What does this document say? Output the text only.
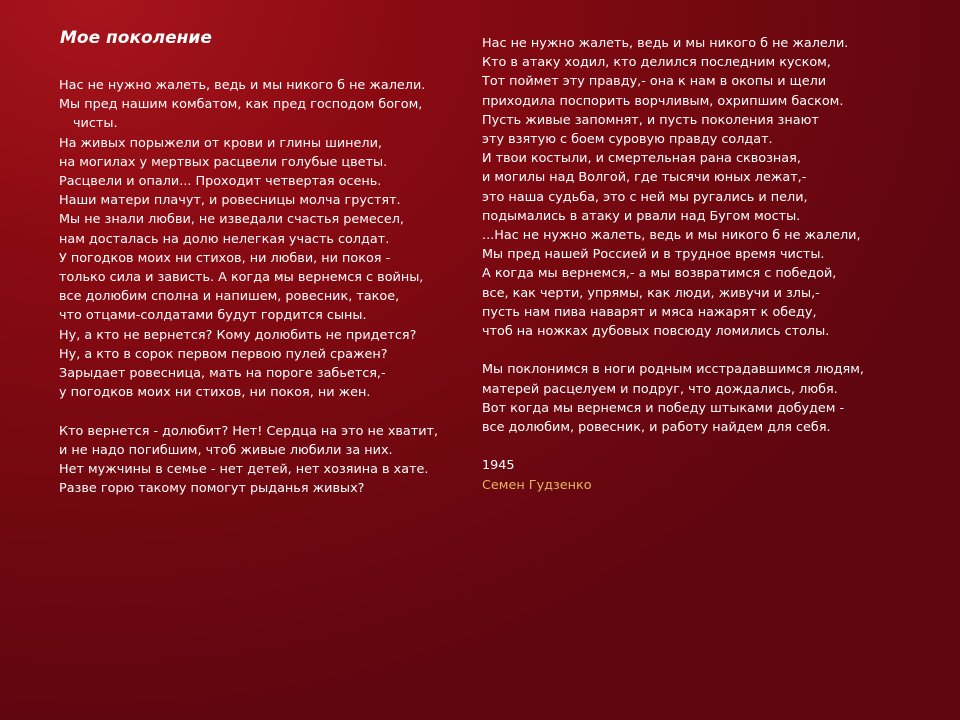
Мое поколение
Нас не нужно жалеть, ведь и мы никого б не жалели.
Мы пред нашим комбатом, как пред господом богом, чисты.
На живых порыжели от крови и глины шинели,
на могилах у мертвых расцвели голубые цветы.
Расцвели и опали... Проходит четвертая осень.
Наши матери плачут, и ровесницы молча грустят.
Мы не знали любви, не изведали счастья ремесел,
нам досталась на долю нелегкая участь солдат.
У погодков моих ни стихов, ни любви, ни покоя -
только сила и зависть. А когда мы вернемся с войны,
все долюбим сполна и напишем, ровесник, такое,
что отцами-солдатами будут гордится сыны.
Ну, а кто не вернется? Кому долюбить не придется?
Ну, а кто в сорок первом первою пулей сражен?
Зарыдает ровесница, мать на пороге забьется,-
у погодков моих ни стихов, ни покоя, ни жен.
Кто вернется - долюбит? Нет! Сердца на это не хватит,
и не надо погибшим, чтоб живые любили за них.
Нет мужчины в семье - нет детей, нет хозяина в хате.
Разве горю такому помогут рыданья живых?
Нас не нужно жалеть, ведь и мы никого б не жалели.
Кто в атаку ходил, кто делился последним куском,
Тот поймет эту правду,- она к нам в окопы и щели
приходила поспорить ворчливым, охрипшим баском.
Пусть живые запомнят, и пусть поколения знают
эту взятую с боем суровую правду солдат.
И твои костыли, и смертельная рана сквозная,
и могилы над Волгой, где тысячи юных лежат,-
это наша судьба, это с ней мы ругались и пели,
подымались в атаку и рвали над Бугом мосты.
...Нас не нужно жалеть, ведь и мы никого б не жалели,
Мы пред нашей Россией и в трудное время чисты.
А когда мы вернемся,- а мы возвратимся с победой,
все, как черти, упрямы, как люди, живучи и злы,-
пусть нам пива наварят и мяса нажарят к обеду,
чтоб на ножках дубовых повсюду ломились столы.
Мы поклонимся в ноги родным исстрадавшимся людям,
матерей расцелуем и подруг, что дождались, любя.
Вот когда мы вернемся и победу штыками добудем -
все долюбим, ровесник, и работу найдем для себя.
1945
Семен Гудзенко
